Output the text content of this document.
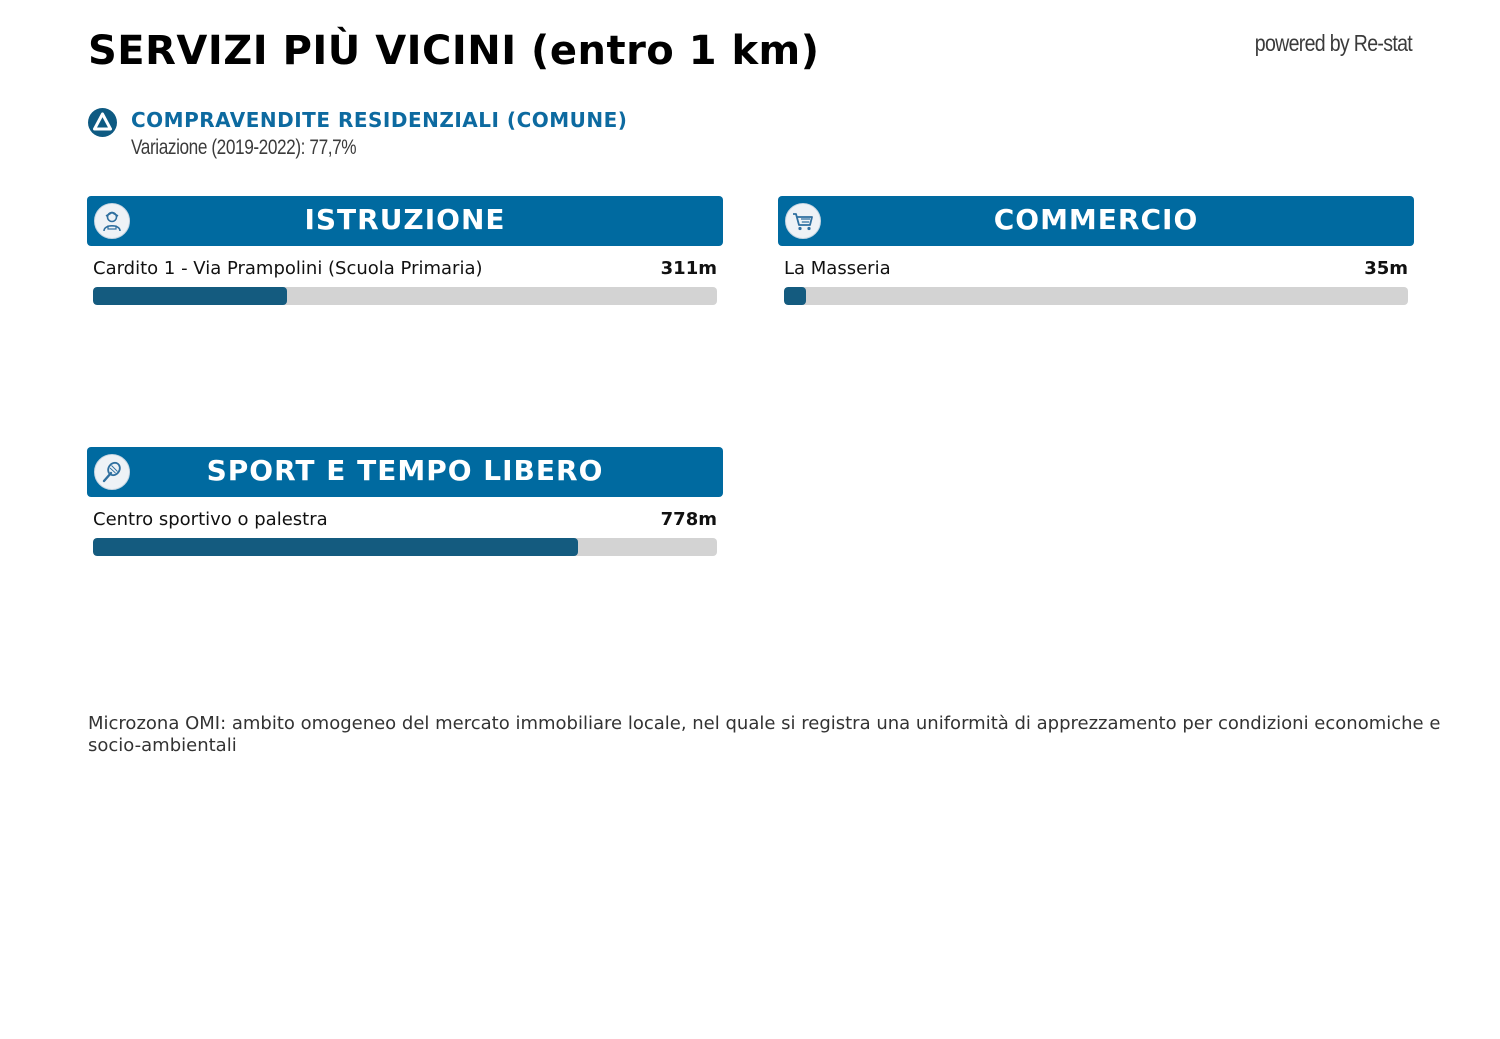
SERVIZI PIÙ VICINI (entro 1 km)	powered by Re-stat
COMPRAVENDITE RESIDENZIALI (COMUNE)
Variazione (2019-2022): 77,7%
ISTRUZIONE
Cardito 1 - Via Prampolini (Scuola Primaria)	311m
COMMERCIO
La Masseria	35m
SPORT E TEMPO LIBERO
Centro sportivo o palestra	778m
Microzona OMI: ambito omogeneo del mercato immobiliare locale, nel quale si registra una uniformità di apprezzamento per condizioni economiche e socio-ambientali
